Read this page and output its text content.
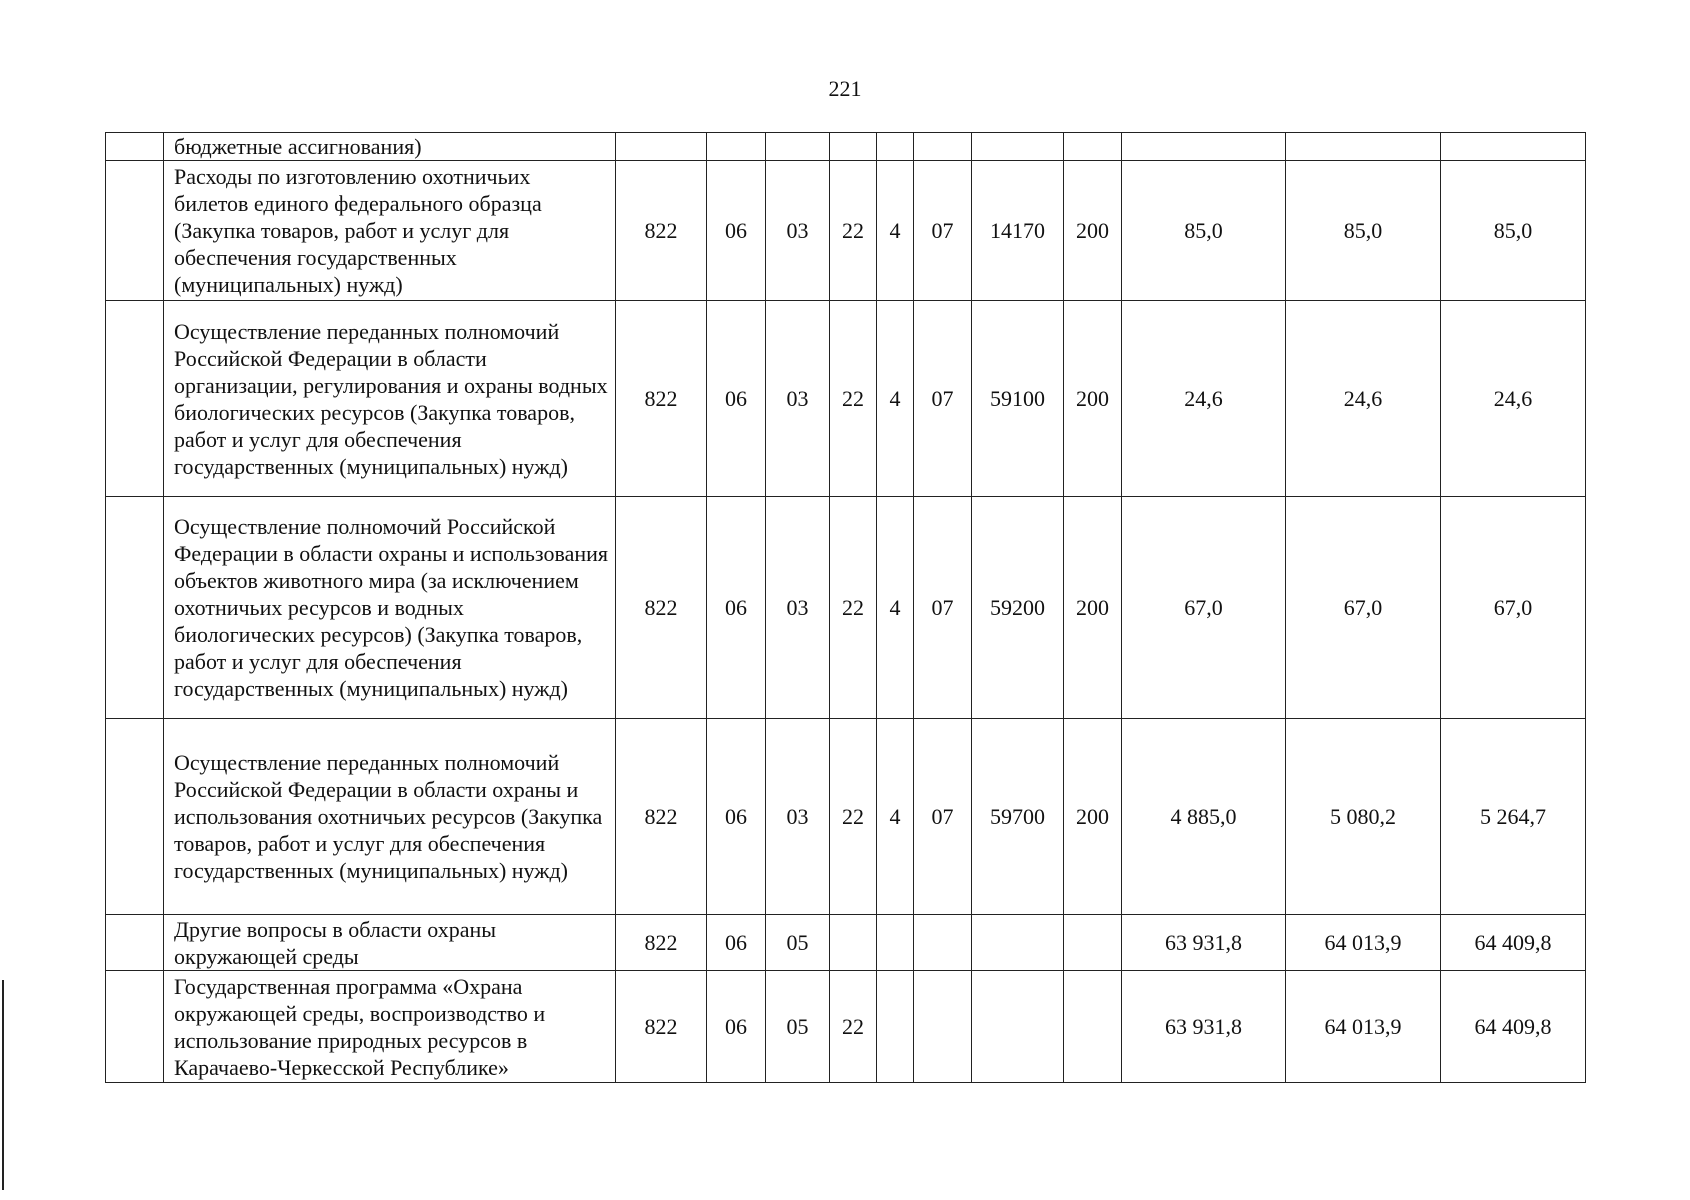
221
	бюджетные ассигнования)											
	Расходы по изготовлению охотничьих билетов единого федерального образца (Закупка товаров, работ и услуг для обеспечения государственных (муниципальных) нужд)	822	06	03	22	4	07	14170	200	85,0	85,0	85,0
	Осуществление переданных полномочий Российской Федерации в области организации, регулирования и охраны водных биологических ресурсов (Закупка товаров, работ и услуг для обеспечения государственных (муниципальных) нужд)	822	06	03	22	4	07	59100	200	24,6	24,6	24,6
	Осуществление полномочий Российской Федерации в области охраны и использования объектов животного мира (за исключением охотничьих ресурсов и водных биологических ресурсов) (Закупка товаров, работ и услуг для обеспечения государственных (муниципальных) нужд)	822	06	03	22	4	07	59200	200	67,0	67,0	67,0
	Осуществление переданных полномочий Российской Федерации в области охраны и использования охотничьих ресурсов (Закупка товаров, работ и услуг для обеспечения государственных (муниципальных) нужд)	822	06	03	22	4	07	59700	200	4 885,0	5 080,2	5 264,7
	Другие вопросы в области охраны окружающей среды	822	06	05						63 931,8	64 013,9	64 409,8
	Государственная программа «Охрана окружающей среды, воспроизводство и использование природных ресурсов в Карачаево-Черкесской Республике»	822	06	05	22					63 931,8	64 013,9	64 409,8
